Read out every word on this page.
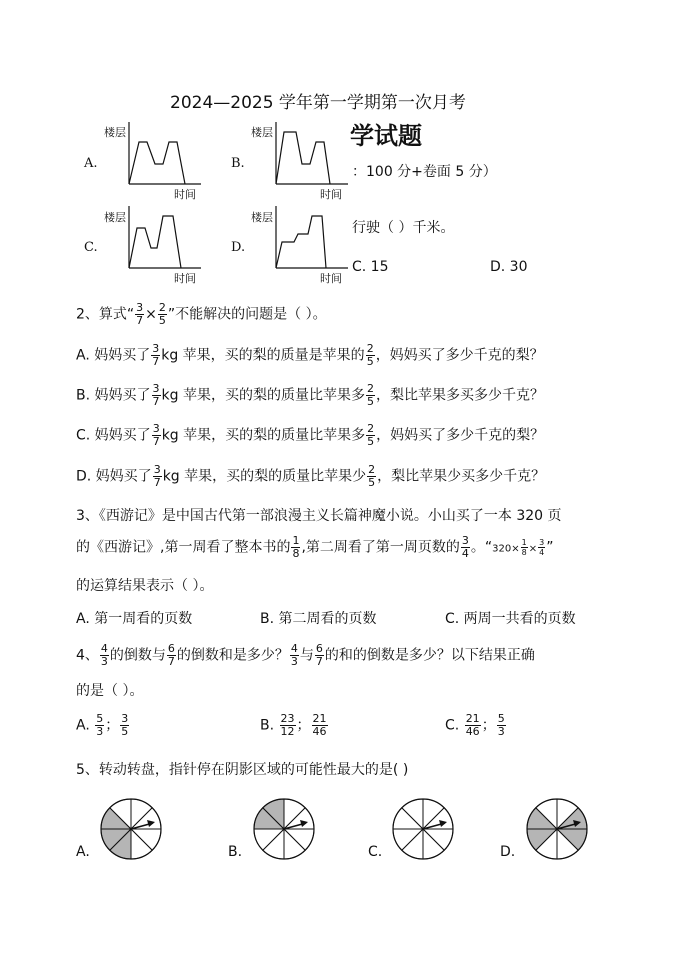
2024—2025 学年第一学期第一次月考
学试题
：100 分+卷面 5 分）
行驶（ ）千米。
C. 15	D. 30
A.
楼层
时间
B.
楼层
时间
C.
楼层
时间
D.
楼层
时间
2、算式“ $\frac{3}{7} \times \frac{2}{5}$ ”不能解决的问题是（ ）。
A. 妈妈买了 $\frac{3}{7}$ kg 苹果，买的梨的质量是苹果的 $\frac{2}{5}$ ，妈妈买了多少千克的梨？
B. 妈妈买了 $\frac{3}{7}$ kg 苹果，买的梨的质量比苹果多 $\frac{2}{5}$ ，梨比苹果多买多少千克？
C. 妈妈买了 $\frac{3}{7}$ kg 苹果，买的梨的质量比苹果多 $\frac{2}{5}$ ，妈妈买了多少千克的梨？
D. 妈妈买了 $\frac{3}{7}$ kg 苹果，买的梨的质量比苹果少 $\frac{2}{5}$ ，梨比苹果少买多少千克？
3、《西游记》是中国古代第一部浪漫主义长篇神魔小说。小山买了一本 320 页
的《西游记》,第一周看了整本书的 $\frac{1}{8}$ ,第二周看了第一周页数的 $\frac{3}{4}$ 。“$320\times \frac{1}{8} \times \frac{3}{4}$ ”
的运算结果表示（ ）。
A. 第一周看的页数	B. 第二周看的页数	C. 两周一共看的页数
4、 $\frac{4}{3}$ 的倒数与 $\frac{6}{7}$ 的倒数和是多少？ $\frac{4}{3}$ 与 $\frac{6}{7}$ 的和的倒数是多少？以下结果正确
的是（ ）。
A. $\frac{5}{3}$ ； $\frac{3}{5}$	B. $\frac{23}{12}$ ； $\frac{21}{46}$	C. $\frac{21}{46}$ ； $\frac{5}{3}$
5、转动转盘，指针停在阴影区域的可能性最大的是( )
A.	B.	C.	D.
